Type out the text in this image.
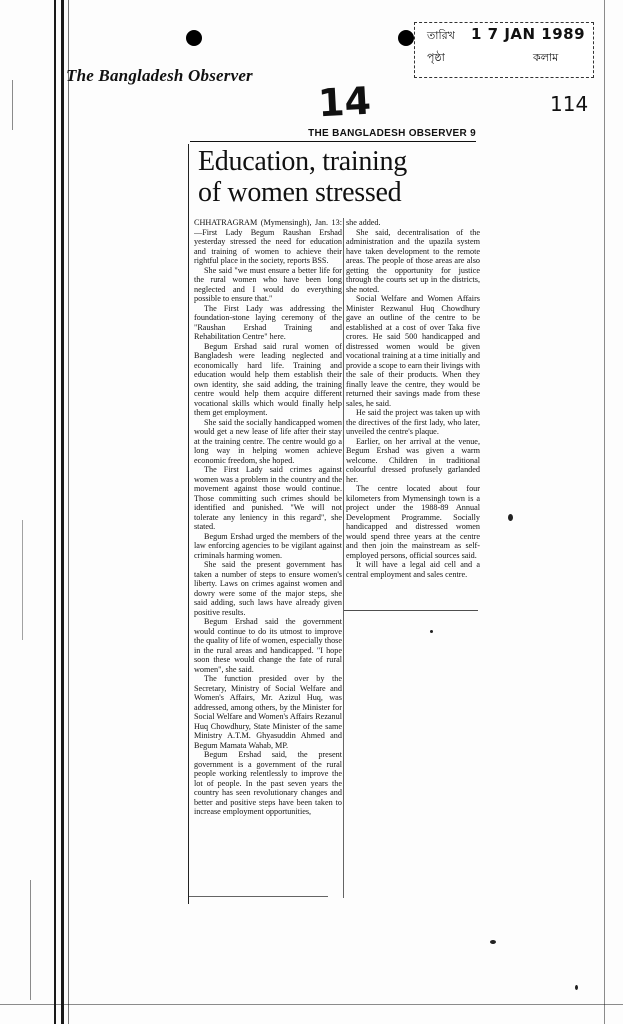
তারিখ 1 7 JAN 1989
পৃষ্ঠা	কলাম
The Bangladesh Observer
14	114
THE BANGLADESH OBSERVER 9
Education, training
of women stressed

CHHATRAGRAM (Mymensingh), Jan. 13:—First Lady Begum Raushan Ershad yesterday stressed the need for education and training of women to achieve their rightful place in the society, reports BSS.

She said "we must ensure a better life for the rural women who have been long neglected and I would do everything possible to ensure that."

The First Lady was addressing the foundation-stone laying ceremony of the "Raushan Ershad Training and Rehabilitation Centre" here.

Begum Ershad said rural women of Bangladesh were leading neglected and economically hard life. Training and education would help them establish their own identity, she said adding, the training centre would help them acquire different vocational skills which would finally help them get employment.

She said the socially handicapped women would get a new lease of life after their stay at the training centre. The centre would go a long way in helping women achieve economic freedom, she hoped.

The First Lady said crimes against women was a problem in the country and the movement against those would continue. Those committing such crimes should be identified and punished. "We will not tolerate any leniency in this regard", she stated.

Begum Ershad urged the members of the law enforcing agencies to be vigilant against criminals harming women.

She said the present government has taken a number of steps to ensure women's liberty. Laws on crimes against women and dowry were some of the major steps, she said adding, such laws have already given positive results.

Begum Ershad said the government would continue to do its utmost to improve the quality of life of women, especially those in the rural areas and handicapped. "I hope soon these would change the fate of rural women", she said.

The function presided over by the Secretary, Ministry of Social Welfare and Women's Affairs, Mr. Azizul Huq, was addressed, among others, by the Minister for Social Welfare and Women's Affairs Rezanul Huq Chowdhury, State Minister of the same Ministry A.T.M. Ghyasuddin Ahmed and Begum Mamata Wahab, MP.

Begum Ershad said, the present government is a government of the rural people working relentlessly to improve the lot of people. In the past seven years the country has seen revolutionary changes and better and positive steps have been taken to increase employment opportunities,

she added.

She said, decentralisation of the administration and the upazila system have taken development to the remote areas. The people of those areas are also getting the opportunity for justice through the courts set up in the districts, she noted.

Social Welfare and Women Affairs Minister Rezwanul Huq Chowdhury gave an outline of the centre to be established at a cost of over Taka five crores. He said 500 handicapped and distressed women would be given vocational training at a time initially and provide a scope to earn their livings with the sale of their products. When they finally leave the centre, they would be returned their savings made from these sales, he said.

He said the project was taken up with the directives of the first lady, who later, unveiled the centre's plaque.

Earlier, on her arrival at the venue, Begum Ershad was given a warm welcome. Children in traditional colourful dressed profusely garlanded her.

The centre located about four kilometers from Mymensingh town is a project under the 1988-89 Annual Development Programme. Socially handicapped and distressed women would spend three years at the centre and then join the mainstream as self-employed persons, official sources said.

It will have a legal aid cell and a central employment and sales centre.
